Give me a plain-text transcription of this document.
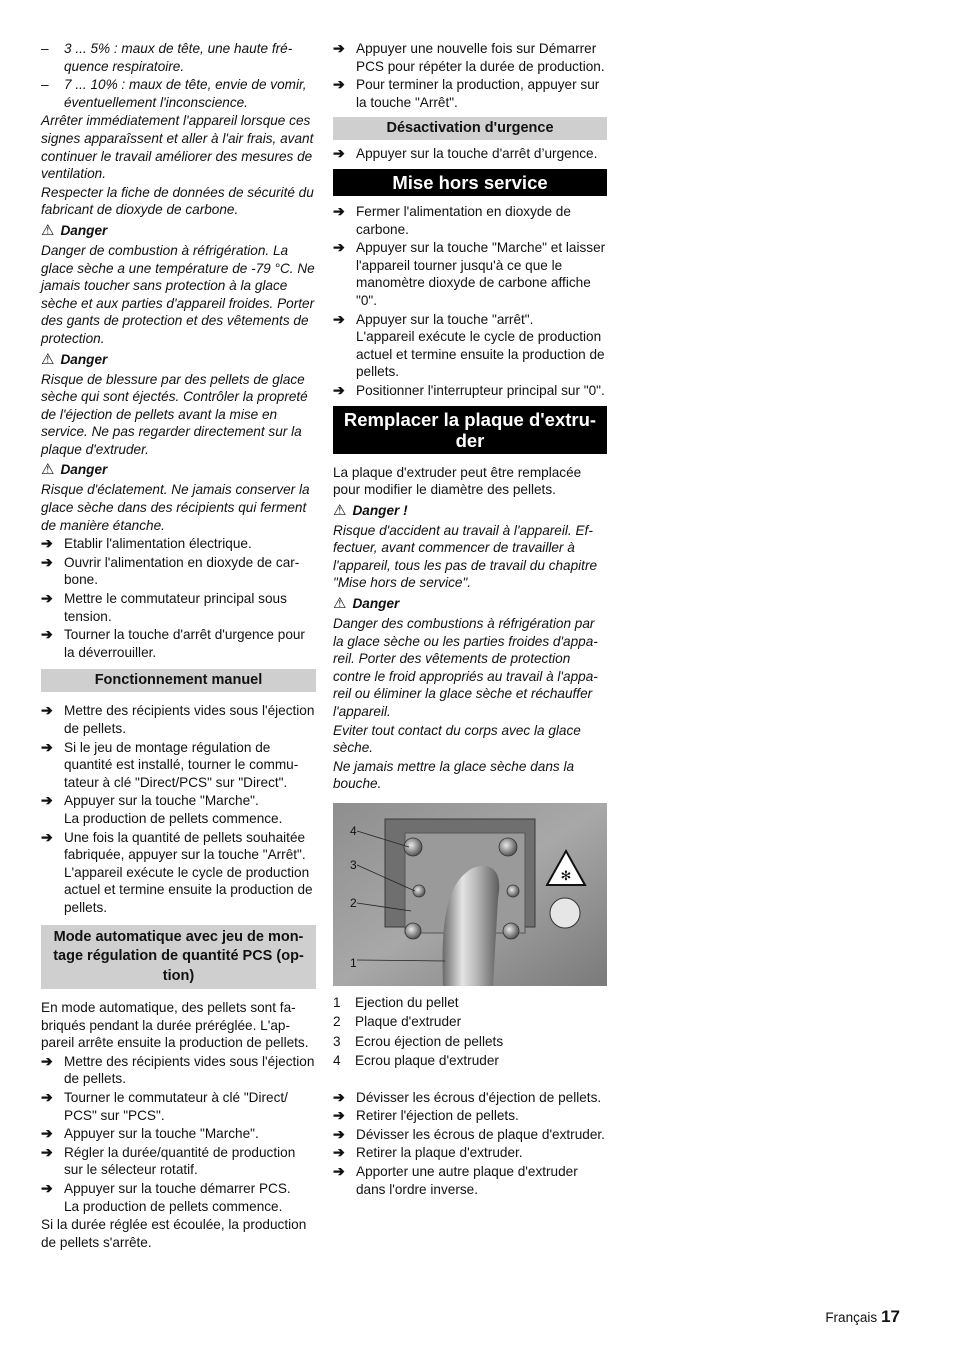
– 3 ... 5% : maux de tête, une haute fréquence respiratoire.
– 7 ... 10% : maux de tête, envie de vomir, éventuellement l'inconscience.

Arrêter immédiatement l'appareil lorsque ces signes apparaîssent et aller à l'air frais, avant continuer le travail améliorer des mesures de ventilation.

Respecter la fiche de données de sécurité du fabricant de dioxyde de carbone.

⚠ Danger

Danger de combustion à réfrigération. La glace sèche a une température de -79 °C. Ne jamais toucher sans protection à la glace sèche et aux parties d'appareil froides. Porter des gants de protection et des vêtements de protection.

⚠ Danger

Risque de blessure par des pellets de glace sèche qui sont éjectés. Contrôler la propreté de l'éjection de pellets avant la mise en service. Ne pas regarder directement sur la plaque d'extruder.

⚠ Danger

Risque d'éclatement. Ne jamais conserver la glace sèche dans des récipients qui ferment de manière étanche.

➔ Etablir l'alimentation électrique.
➔ Ouvrir l'alimentation en dioxyde de carbone.
➔ Mettre le commutateur principal sous tension.
➔ Tourner la touche d'arrêt d'urgence pour la déverrouiller.
Fonctionnement manuel
➔ Mettre des récipients vides sous l'éjection de pellets.
➔ Si le jeu de montage régulation de quantité est installé, tourner le commutateur à clé "Direct/PCS" sur "Direct".
➔ Appuyer sur la touche "Marche".
La production de pellets commence.
➔ Une fois la quantité de pellets souhaitée fabriquée, appuyer sur la touche "Arrêt".
L'appareil exécute le cycle de production actuel et termine ensuite la production de pellets.
Mode automatique avec jeu de montage régulation de quantité PCS (option)

En mode automatique, des pellets sont fabriqués pendant la durée préréglée. L'appareil arrête ensuite la production de pellets.

➔ Mettre des récipients vides sous l'éjection de pellets.
➔ Tourner le commutateur à clé "Direct/ PCS" sur "PCS".
➔ Appuyer sur la touche "Marche".
➔ Régler la durée/quantité de production sur le sélecteur rotatif.
➔ Appuyer sur la touche démarrer PCS.
La production de pellets commence.

Si la durée réglée est écoulée, la production de pellets s'arrête.

➔ Appuyer une nouvelle fois sur Démarrer PCS pour répéter la durée de production.
➔ Pour terminer la production, appuyer sur la touche "Arrêt".
Désactivation d'urgence
➔ Appuyer sur la touche d'arrêt d’urgence.
Mise hors service
➔ Fermer l'alimentation en dioxyde de carbone.
➔ Appuyer sur la touche "Marche" et laisser l'appareil tourner jusqu'à ce que le manomètre dioxyde de carbone affiche "0".
➔ Appuyer sur la touche "arrêt".
L'appareil exécute le cycle de production actuel et termine ensuite la production de pellets.
➔ Positionner l'interrupteur principal sur "0".
Remplacer la plaque d'extruder

La plaque d'extruder peut être remplacée pour modifier le diamètre des pellets.

⚠ Danger !

Risque d'accident au travail à l'appareil. Effectuer, avant commencer de travailler à l'appareil, tous les pas de travail du chapitre "Mise hors de service".

⚠ Danger

Danger des combustions à réfrigération par la glace sèche ou les parties froides d'appareil. Porter des vêtements de protection contre le froid appropriés au travail à l'appareil ou éliminer la glace sèche et réchauffer l'appareil.

Eviter tout contact du corps avec la glace sèche.

Ne jamais mettre la glace sèche dans la bouche.

✻
4
3
2
1
1	Ejection du pellet
2	Plaque d'extruder
3	Ecrou éjection de pellets
4	Ecrou plaque d'extruder
➔ Dévisser les écrous d'éjection de pellets.
➔ Retirer l'éjection de pellets.
➔ Dévisser les écrous de plaque d'extruder.
➔ Retirer la plaque d'extruder.
➔ Apporter une autre plaque d'extruder dans l'ordre inverse.
Français 17
